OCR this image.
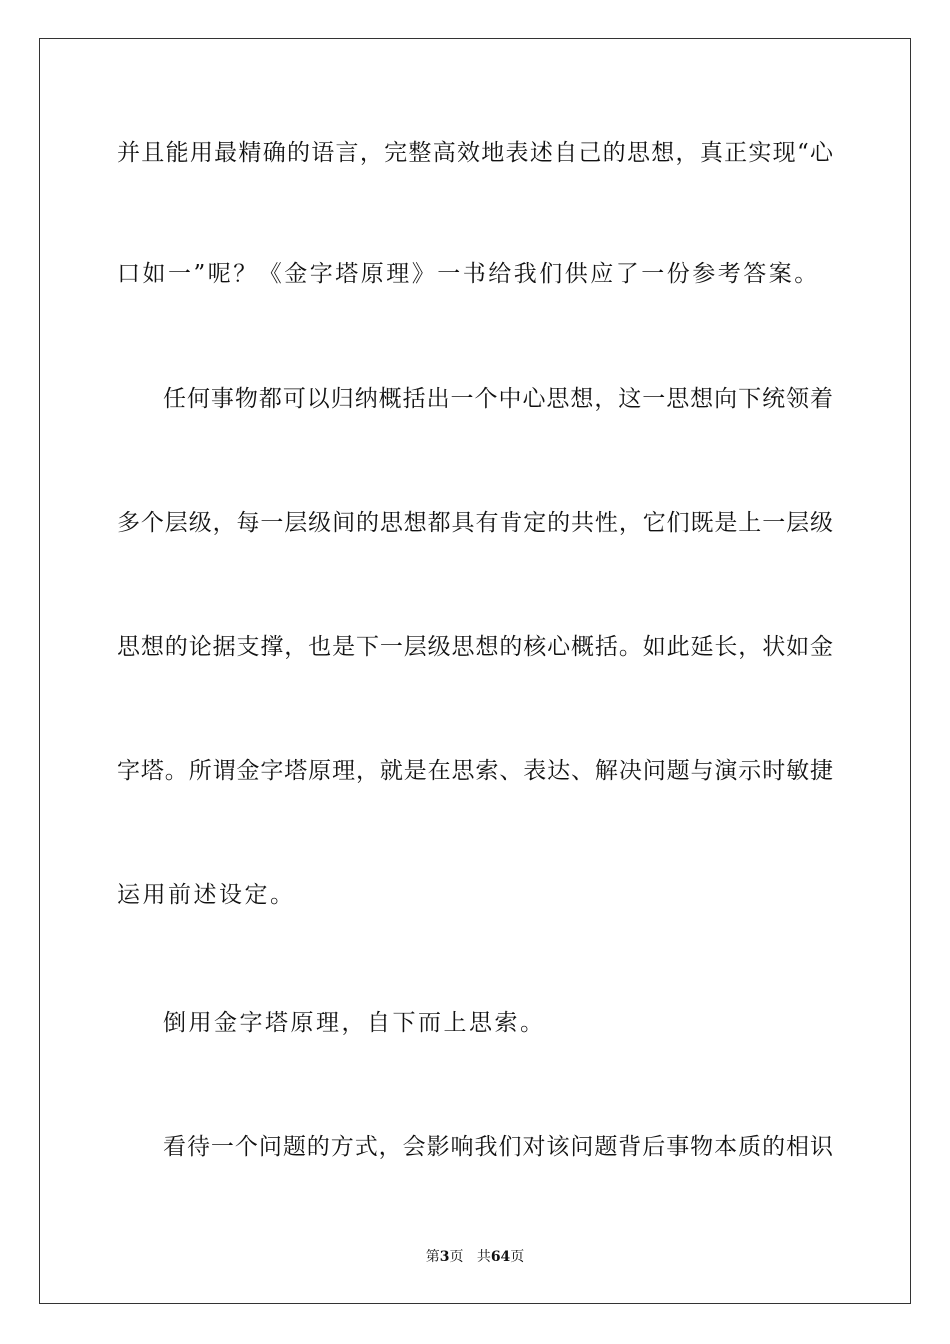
并且能用最精确的语言，完整高效地表述自己的思想，真正实现“心
口如一”呢？《金字塔原理》一书给我们供应了一份参考答案。
任何事物都可以归纳概括出一个中心思想，这一思想向下统领着
多个层级，每一层级间的思想都具有肯定的共性，它们既是上一层级
思想的论据支撑，也是下一层级思想的核心概括。如此延长，状如金
字塔。所谓金字塔原理，就是在思索、表达、解决问题与演示时敏捷
运用前述设定。
倒用金字塔原理，自下而上思索。
看待一个问题的方式，会影响我们对该问题背后事物本质的相识
第3页 共64页
